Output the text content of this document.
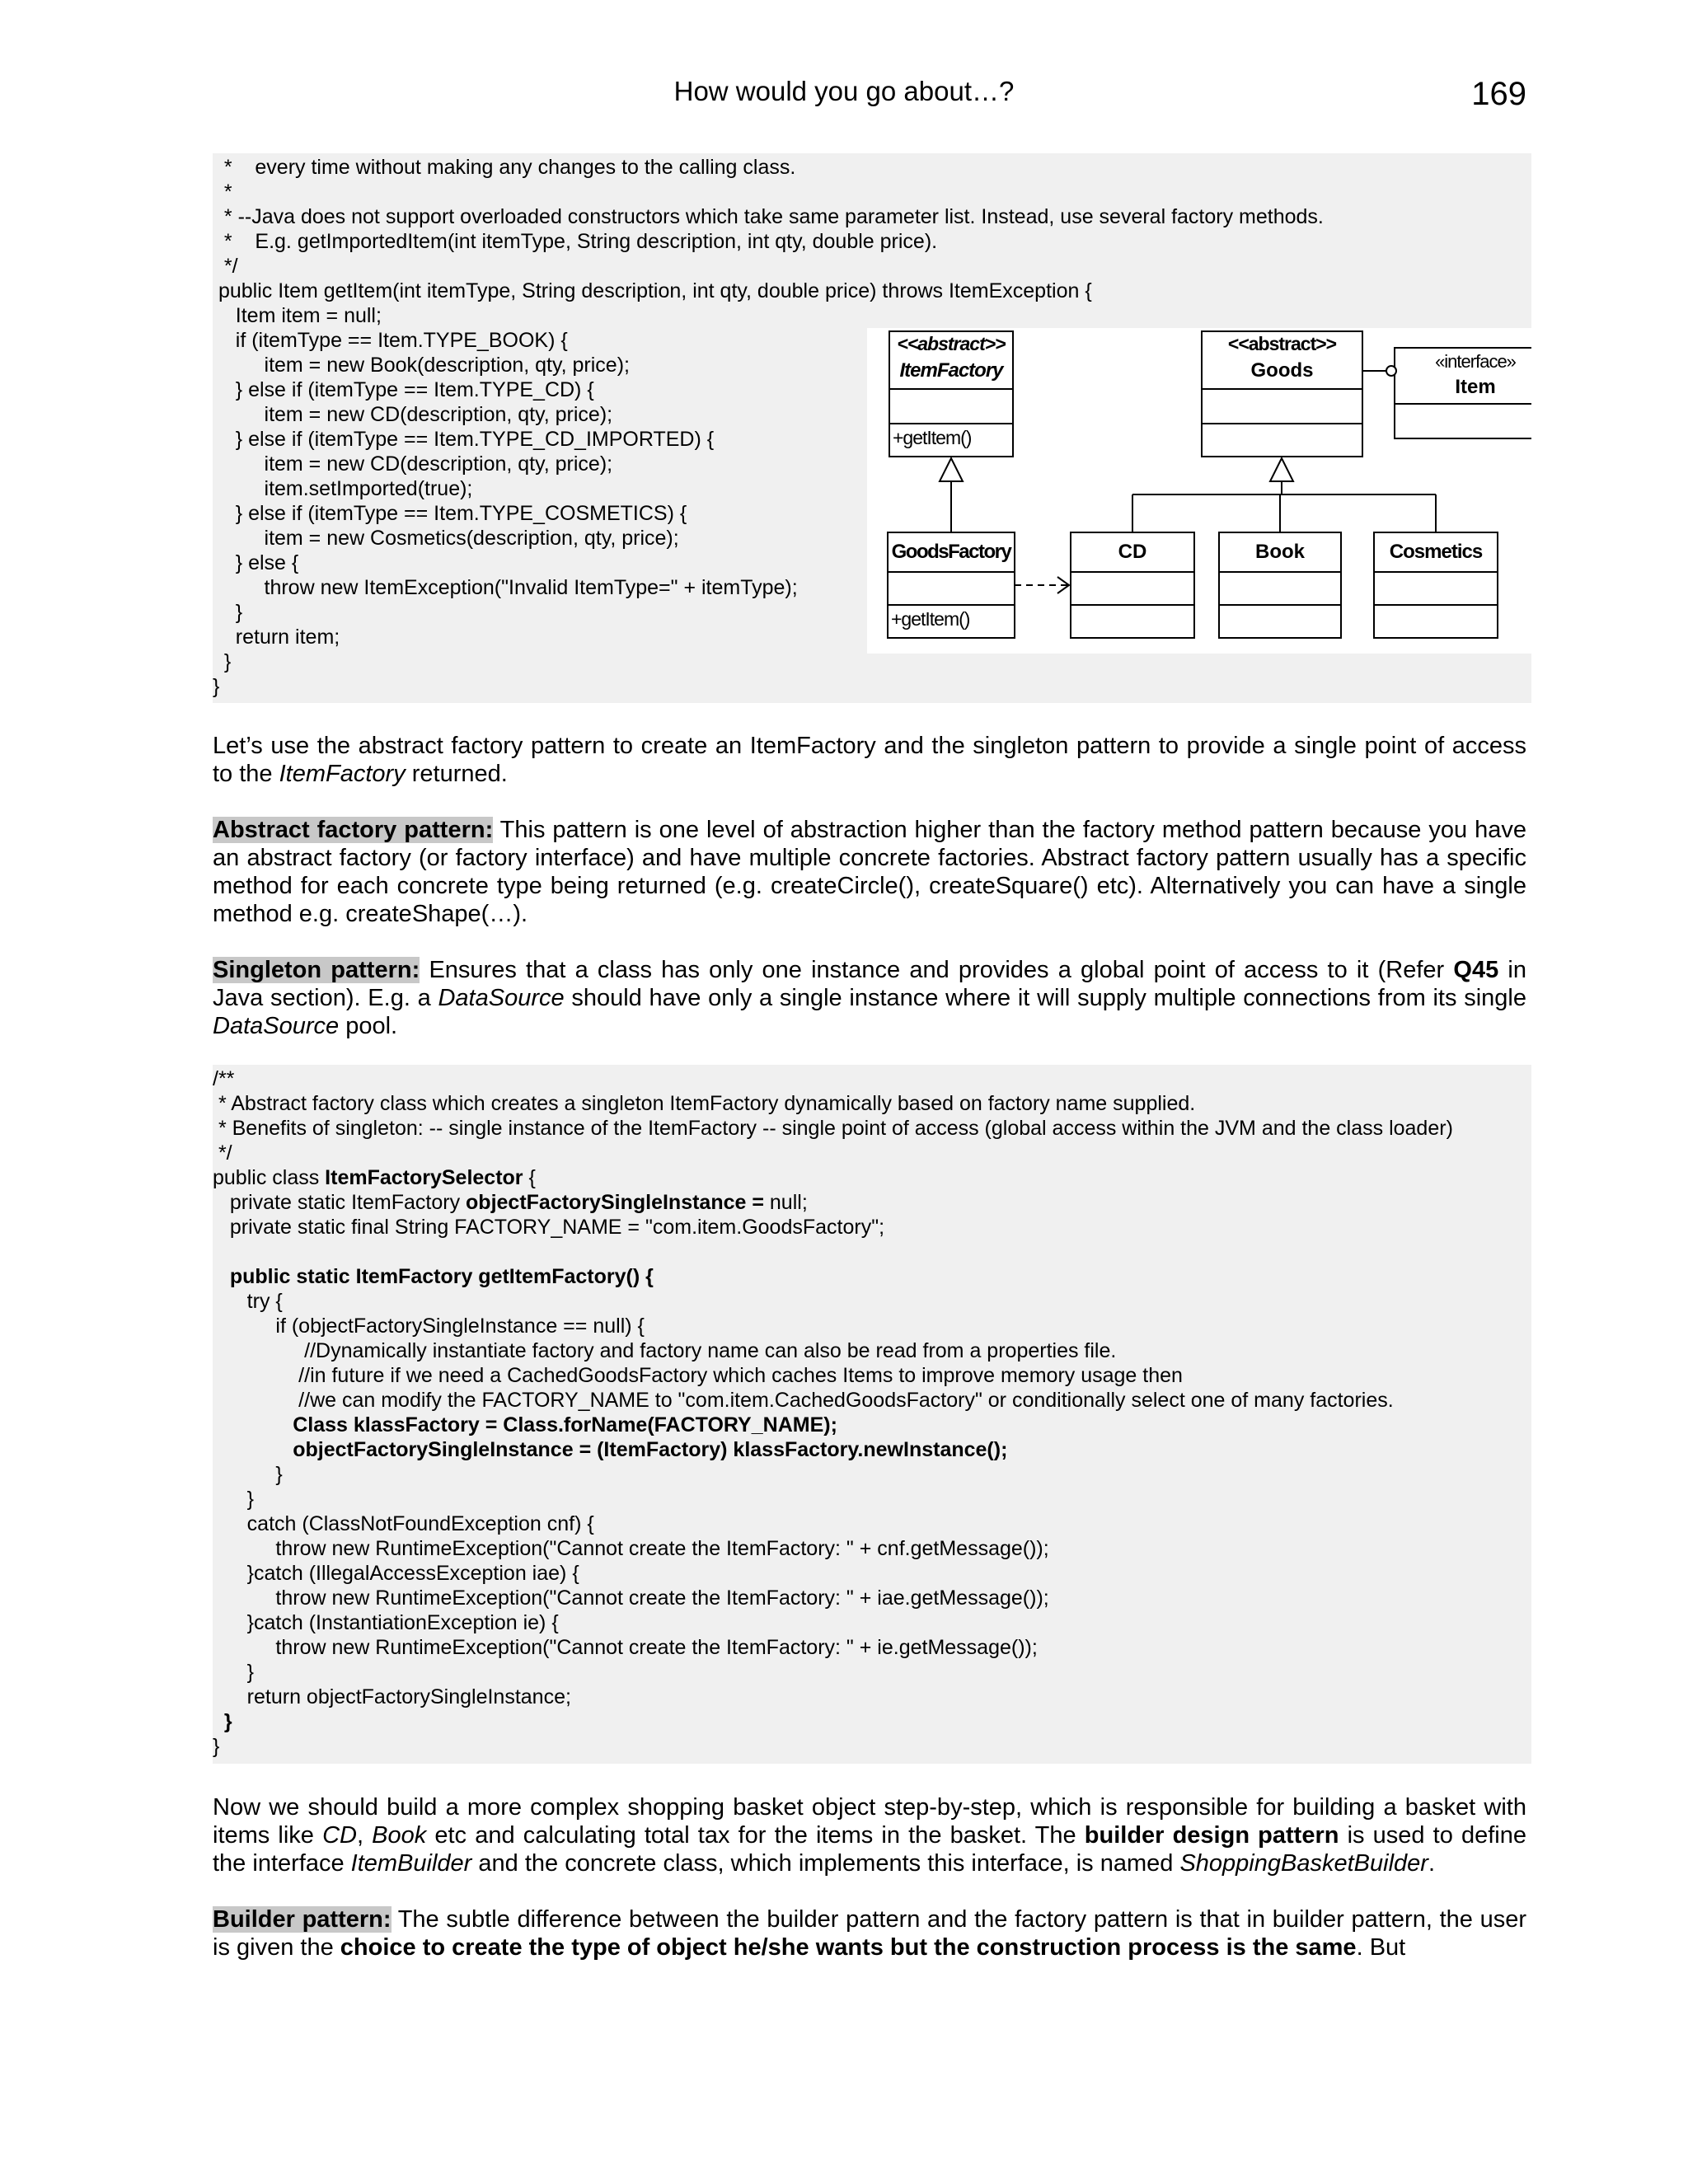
How would you go about…?	169
*    every time without making any changes to the calling class.
*
* --Java does not support overloaded constructors which take same parameter list. Instead, use several factory methods.
*    E.g. getImportedItem(int itemType, String description, int qty, double price).
*/
public Item getItem(int itemType, String description, int qty, double price) throws ItemException {
Item item = null;
if (itemType == Item.TYPE_BOOK) {
item = new Book(description, qty, price);
} else if (itemType == Item.TYPE_CD) {
item = new CD(description, qty, price);
} else if (itemType == Item.TYPE_CD_IMPORTED) {
item = new CD(description, qty, price);
item.setImported(true);
} else if (itemType == Item.TYPE_COSMETICS) {
item = new Cosmetics(description, qty, price);
} else {
throw new ItemException("Invalid ItemType=" + itemType);
}
return item;
}
}
<<abstract>>
ItemFactory
+getItem()
<<abstract>>
Goods	«interface»
Item
GoodsFactory
+getItem()
CD	Book	Cosmetics

Let’s use the abstract factory pattern to create an ItemFactory and the singleton pattern to provide a single point of access to the ItemFactory returned.

Abstract factory pattern: This pattern is one level of abstraction higher than the factory method pattern because you have an abstract factory (or factory interface) and have multiple concrete factories. Abstract factory pattern usually has a specific method for each concrete type being returned (e.g. createCircle(), createSquare() etc). Alternatively you can have a single method e.g. createShape(…).

Singleton pattern: Ensures that a class has only one instance and provides a global point of access to it (Refer Q45 in Java section). E.g. a DataSource should have only a single instance where it will supply multiple connections from its single DataSource pool.

/**
* Abstract factory class which creates a singleton ItemFactory dynamically based on factory name supplied.
* Benefits of singleton: -- single instance of the ItemFactory -- single point of access (global access within the JVM and the class loader)
*/
public class ItemFactorySelector {
private static ItemFactory objectFactorySingleInstance = null;
private static final String FACTORY_NAME = "com.item.GoodsFactory";
public static ItemFactory getItemFactory() {
try {
if (objectFactorySingleInstance == null) {
//Dynamically instantiate factory and factory name can also be read from a properties file.
//in future if we need a CachedGoodsFactory which caches Items to improve memory usage then
//we can modify the FACTORY_NAME to "com.item.CachedGoodsFactory" or conditionally select one of many factories.
Class klassFactory = Class.forName(FACTORY_NAME);
objectFactorySingleInstance = (ItemFactory) klassFactory.newInstance();
}
}
catch (ClassNotFoundException cnf) {
throw new RuntimeException("Cannot create the ItemFactory: " + cnf.getMessage());
}catch (IllegalAccessException iae) {
throw new RuntimeException("Cannot create the ItemFactory: " + iae.getMessage());
}catch (InstantiationException ie) {
throw new RuntimeException("Cannot create the ItemFactory: " + ie.getMessage());
}
return objectFactorySingleInstance;
}
}

Now we should build a more complex shopping basket object step-by-step, which is responsible for building a basket with items like CD, Book etc and calculating total tax for the items in the basket. The builder design pattern is used to define the interface ItemBuilder and the concrete class, which implements this interface, is named ShoppingBasketBuilder.

Builder pattern: The subtle difference between the builder pattern and the factory pattern is that in builder pattern, the user is given the choice to create the type of object he/she wants but the construction process is the same. But
